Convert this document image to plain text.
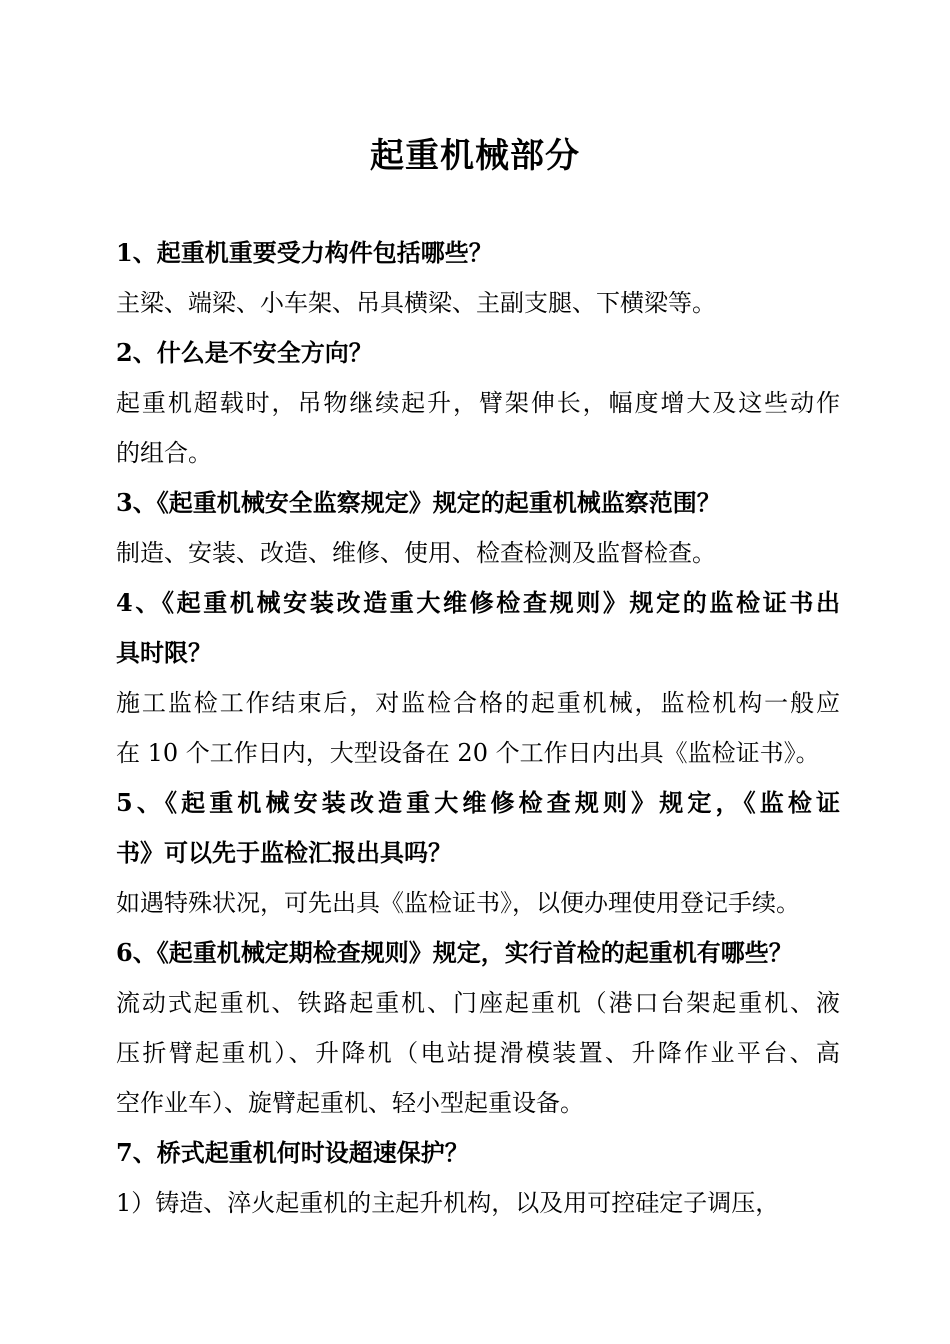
起重机械部分
1、起重机重要受力构件包括哪些？
主梁、端梁、小车架、吊具横梁、主副支腿、下横梁等。
2、什么是不安全方向？
起重机超载时，吊物继续起升，臂架伸长，幅度增大及这些动作
的组合。
3、《起重机械安全监察规定》规定的起重机械监察范围？
制造、安装、改造、维修、使用、检查检测及监督检查。
4、《起重机械安装改造重大维修检查规则》规定的监检证书出
具时限？
施工监检工作结束后，对监检合格的起重机械，监检机构一般应
在 10 个工作日内，大型设备在 20 个工作日内出具《监检证书》。
5、《起重机械安装改造重大维修检查规则》规定，《监检证
书》可以先于监检汇报出具吗？
如遇特殊状况，可先出具《监检证书》，以便办理使用登记手续。
6、《起重机械定期检查规则》规定，实行首检的起重机有哪些？
流动式起重机、铁路起重机、门座起重机（港口台架起重机、液
压折臂起重机）、升降机（电站提滑模装置、升降作业平台、高
空作业车）、旋臂起重机、轻小型起重设备。
7、桥式起重机何时设超速保护？
1）铸造、淬火起重机的主起升机构，以及用可控硅定子调压，
